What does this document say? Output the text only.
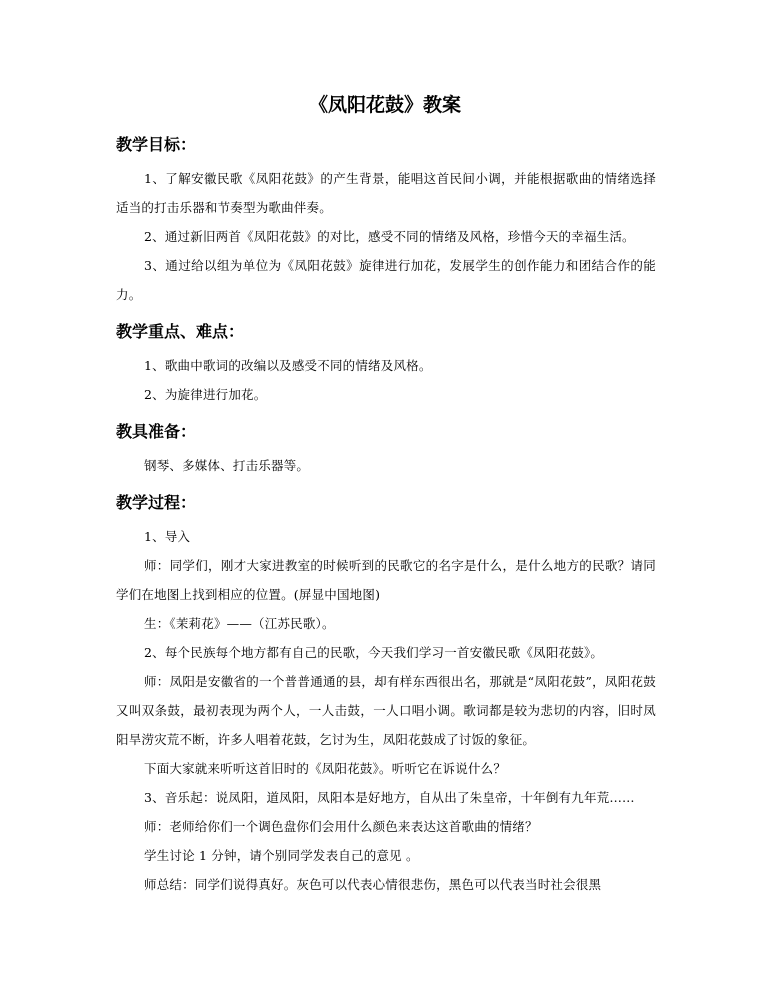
《凤阳花鼓》教案
教学目标：

1、了解安徽民歌《凤阳花鼓》的产生背景，能唱这首民间小调，并能根据歌曲的情绪选择适当的打击乐器和节奏型为歌曲伴奏。

2、通过新旧两首《凤阳花鼓》的对比，感受不同的情绪及风格，珍惜今天的幸福生活。

3、通过给以组为单位为《凤阳花鼓》旋律进行加花，发展学生的创作能力和团结合作的能力。

教学重点、难点：

1、歌曲中歌词的改编以及感受不同的情绪及风格。

2、为旋律进行加花。

教具准备：

钢琴、多媒体、打击乐器等。

教学过程：

1、导入

师：同学们，刚才大家进教室的时候听到的民歌它的名字是什么，是什么地方的民歌？请同学们在地图上找到相应的位置。(屏显中国地图)

生：《茉莉花》——（江苏民歌）。

2、每个民族每个地方都有自己的民歌，今天我们学习一首安徽民歌《凤阳花鼓》。

师：凤阳是安徽省的一个普普通通的县，却有样东西很出名，那就是“凤阳花鼓”，凤阳花鼓又叫双条鼓，最初表现为两个人，一人击鼓，一人口唱小调。歌词都是较为悲切的内容，旧时凤阳旱涝灾荒不断，许多人唱着花鼓，乞讨为生，凤阳花鼓成了讨饭的象征。

下面大家就来听听这首旧时的《凤阳花鼓》。听听它在诉说什么？

3、音乐起：说凤阳，道凤阳，凤阳本是好地方，自从出了朱皇帝，十年倒有九年荒……

师：老师给你们一个调色盘你们会用什么颜色来表达这首歌曲的情绪？

学生讨论 1 分钟，请个别同学发表自己的意见 。

师总结：同学们说得真好。灰色可以代表心情很悲伤，黑色可以代表当时社会很黑
